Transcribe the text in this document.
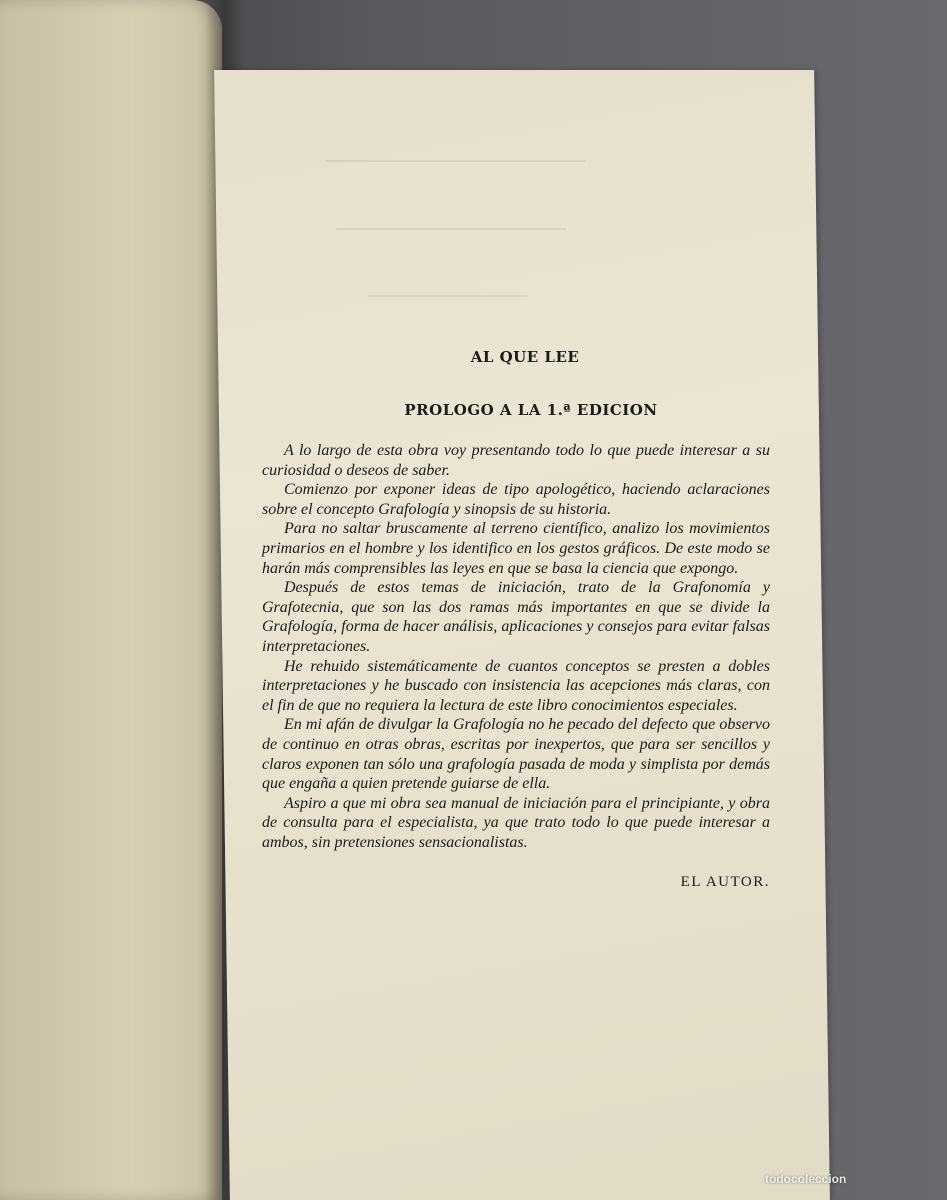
AL QUE LEE
PROLOGO A LA 1.ª EDICION

A lo largo de esta obra voy presentando todo lo que puede interesar a su curiosidad o deseos de saber.

Comienzo por exponer ideas de tipo apologético, haciendo aclaraciones sobre el concepto Grafología y sinopsis de su historia.

Para no saltar bruscamente al terreno científico, analizo los movimientos primarios en el hombre y los identifico en los gestos gráficos. De este modo se harán más comprensibles las leyes en que se basa la ciencia que expongo.

Después de estos temas de iniciación, trato de la Grafonomía y Grafotecnia, que son las dos ramas más importantes en que se divide la Grafología, forma de hacer análisis, aplicaciones y consejos para evitar falsas interpretaciones.

He rehuido sistemáticamente de cuantos conceptos se presten a dobles interpretaciones y he buscado con insistencia las acepciones más claras, con el fin de que no requiera la lectura de este libro conocimientos especiales.

En mi afán de divulgar la Grafología no he pecado del defecto que observo de continuo en otras obras, escritas por inexpertos, que para ser sencillos y claros exponen tan sólo una grafología pasada de moda y simplista por demás que engaña a quien pretende guiarse de ella.

Aspiro a que mi obra sea manual de iniciación para el principiante, y obra de consulta para el especialista, ya que trato todo lo que puede interesar a ambos, sin pretensiones sensacionalistas.

EL AUTOR.
todocoleccion
